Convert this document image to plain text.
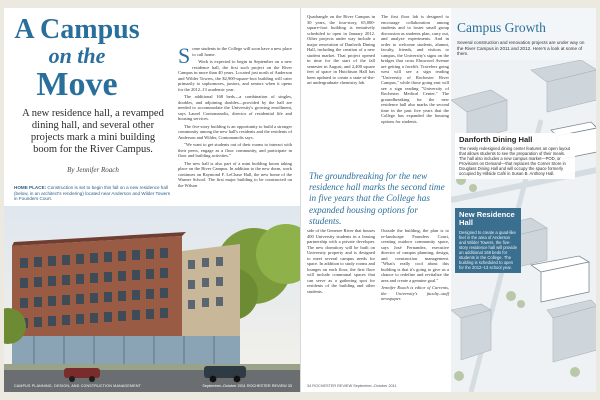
A Campus
on the
Move
A new residence hall, a revamped dining hall, and several other projects mark a mini building boom for the River Campus.
By Jennifer Roach
HOME PLACE: Construction is set to begin this fall on a new residence hall (below, in an architect's rendering) located near Anderson and Wilder Towers in Founders Court.

Some students in the College will soon have a new place to call home.

Work is expected to begin in September on a new residence hall, the first such project on the River Campus in more than 40 years. Located just north of Anderson and Wilder Towers, the $2,900-square-foot building will cater primarily to sophomores, juniors, and seniors when it opens for the 2012–13 academic year.

The additional 168 beds—a combination of singles, doubles, and adjoining doubles—provided by the hall are needed to accommodate the University's growing enrollment, says Laurel Contomanolis, director of residential life and housing services.

The five-story building is an opportunity to build a stronger community among the new hall's residents and the residents of Anderson and Wilder, Contomanolis says.

"We want to get students out of their rooms to interact with their peers, engage as a floor community, and participate in floor and building activities."

The new hall is also part of a mini building boom taking place on the River Campus. In addition to the new dorm, work continues on Raymond F. LeChase Hall, the new home of the Warner School. The first major building to be constructed on the Wilson

CAMPUS PLANNING, DESIGN, AND CONSTRUCTION MANAGEMENT	September–October 2011 ROCHESTER REVIEW 33

Quadrangle on the River Campus in 30 years, the four-story, 65,000-square-foot building is tentatively scheduled to open in January 2012. Other projects under way include a major renovation of Danforth Dining Hall, including the creation of a new student market. That project opened in time for the start of the fall semester in August, and 2,400 square feet of space in Hutchison Hall has been updated to create a state-of-the-art undergraduate chemistry lab.

The first floor lab is designed to encourage collaboration among students and to foster small group discussion as students plan, carry out, and analyze experiments. And in order to welcome students, alumni, faculty, friends, and visitors to campus, the University's signs on the bridges that cross Elmwood Avenue are getting a facelift. Travelers going west will see a sign reading "University of Rochester River Campus," while those going east will see a sign reading "University of Rochester Medical Center." The groundbreaking for the new residence hall also marks the second time in the past five years that the College has expanded the housing options for students.

The groundbreaking for the new residence hall marks the second time in five years that the College has expanded housing options for students.

side of the Genesee River that houses 400 University students in a leasing partnership with a private developer. The new dormitory will be built on University property and is designed to meet several campus needs for space. In addition to study rooms and lounges on each floor, the first floor will include communal spaces that can serve as a gathering spot for residents of the building and other students.

Outside the building, the plan is to re-landscape Founders Court, creating outdoor community space, says José Fernandez, executive director of campus planning, design, and construction management. "What's really cool about this building is that it's going to give us a chance to redefine and revitalize the area and create a genuine goal."

Jennifer Roach is editor of Currents, the University's faculty–staff newspaper.

34 ROCHESTER REVIEW September–October 2011
Campus Growth
Several construction and renovation projects are under way on the River Campus in 2011 and 2012. Here's a look at some of them.
Danforth Dining Hall

The newly redesigned dining center features an open layout that allows students to see the preparation of their meals. The hall also includes a new campus market—POD, or Provisions on Demand—that replaces the Corner Store in Douglass Dining Hall and will occupy the space formerly occupied by Hillside Café in Susan B. Anthony Hall.

New Residence Hall

Designed to create a quad-like feel in the area of Anderson and Wilder Towers, the five-story residence hall will provide an additional 168 beds for students in the College. The building is scheduled to open for the 2012–13 school year.
